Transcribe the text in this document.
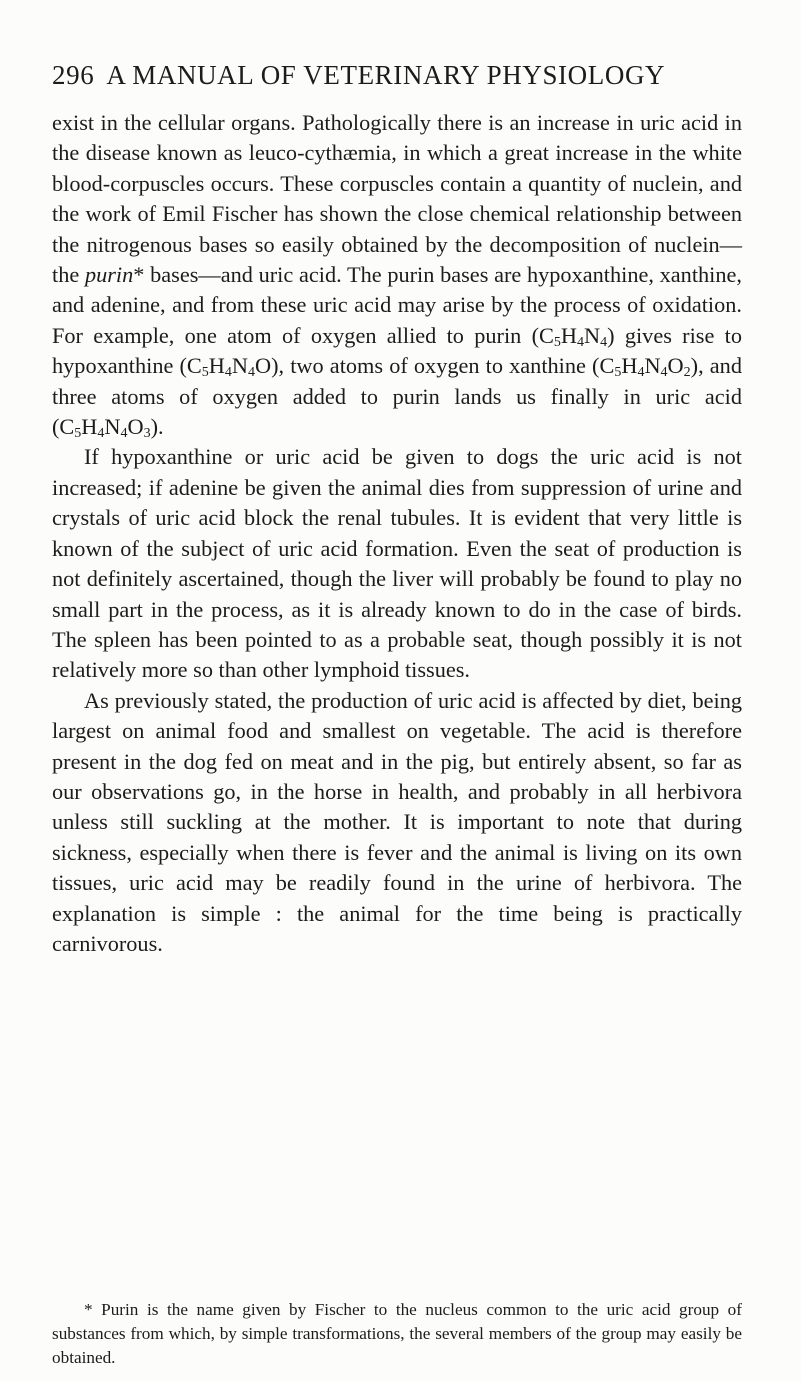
296 A MANUAL OF VETERINARY PHYSIOLOGY

exist in the cellular organs. Pathologically there is an increase in uric acid in the disease known as leuco-cythæmia, in which a great increase in the white blood-corpuscles occurs. These corpuscles contain a quantity of nuclein, and the work of Emil Fischer has shown the close chemical relationship between the nitrogenous bases so easily obtained by the decomposition of nuclein—the purin* bases—and uric acid. The purin bases are hypoxanthine, xanthine, and adenine, and from these uric acid may arise by the process of oxidation. For example, one atom of oxygen allied to purin $(C_5H_4N_4)$ gives rise to hypoxanthine $(C_5H_4N_4O)$, two atoms of oxygen to xanthine $(C_5H_4N_4O_2)$, and three atoms of oxygen added to purin lands us finally in uric acid $(C_5H_4N_4O_3)$.

If hypoxanthine or uric acid be given to dogs the uric acid is not increased; if adenine be given the animal dies from suppression of urine and crystals of uric acid block the renal tubules. It is evident that very little is known of the subject of uric acid formation. Even the seat of production is not definitely ascertained, though the liver will probably be found to play no small part in the process, as it is already known to do in the case of birds. The spleen has been pointed to as a probable seat, though possibly it is not relatively more so than other lymphoid tissues.

As previously stated, the production of uric acid is affected by diet, being largest on animal food and smallest on vegetable. The acid is therefore present in the dog fed on meat and in the pig, but entirely absent, so far as our observations go, in the horse in health, and probably in all herbivora unless still suckling at the mother. It is important to note that during sickness, especially when there is fever and the animal is living on its own tissues, uric acid may be readily found in the urine of herbivora. The explanation is simple : the animal for the time being is practically carnivorous.

* Purin is the name given by Fischer to the nucleus common to the uric acid group of substances from which, by simple transformations, the several members of the group may easily be obtained.
